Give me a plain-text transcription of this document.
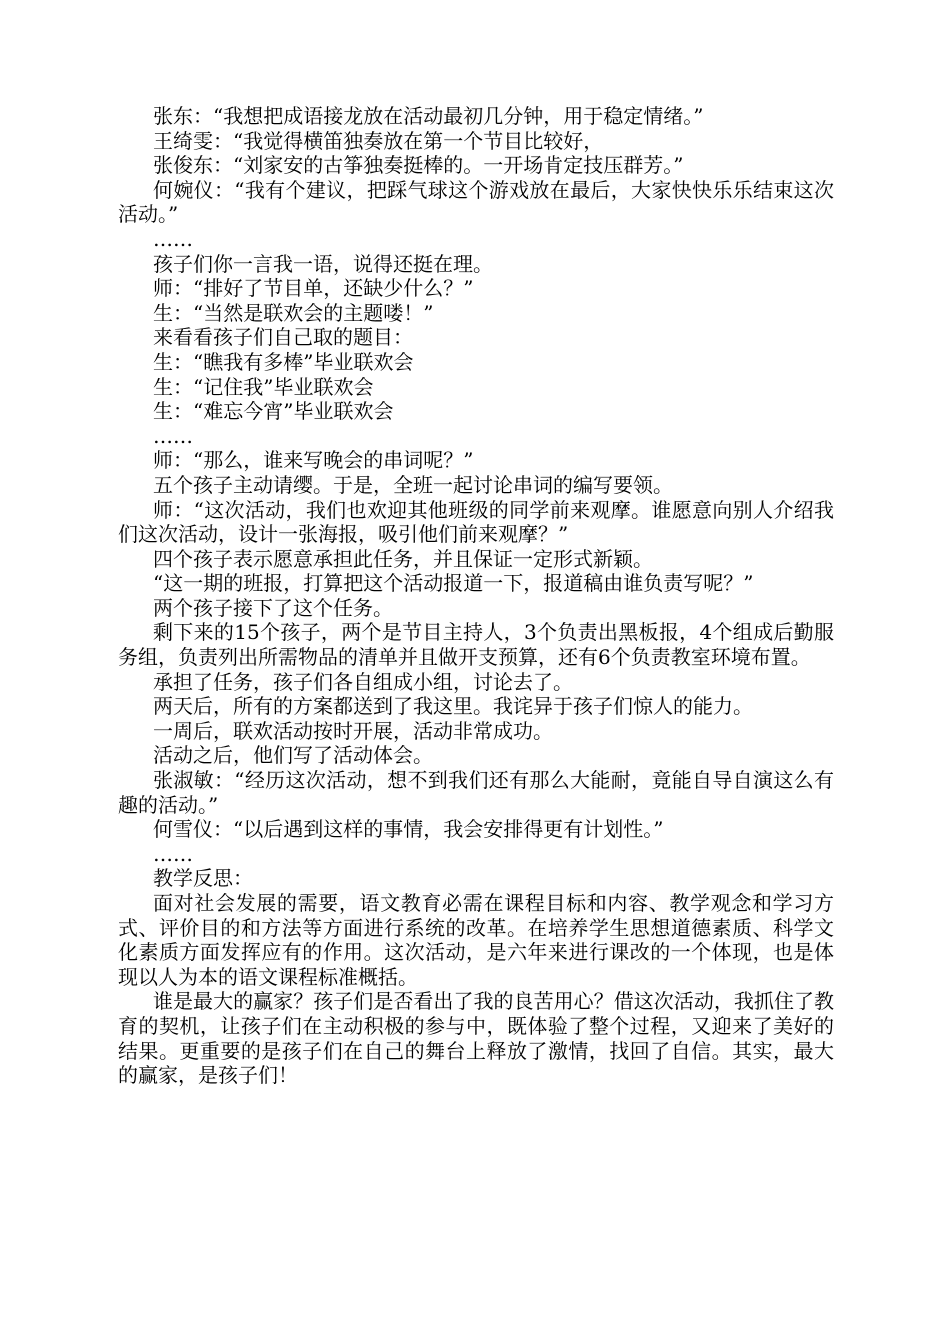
张东：“我想把成语接龙放在活动最初几分钟，用于稳定情绪。”

王绮雯：“我觉得横笛独奏放在第一个节目比较好，

张俊东：“刘家安的古筝独奏挺棒的。一开场肯定技压群芳。”

何婉仪：“我有个建议，把踩气球这个游戏放在最后，大家快快乐乐结束这次活动。”

……

孩子们你一言我一语，说得还挺在理。

师：“排好了节目单，还缺少什么？”

生：“当然是联欢会的主题喽！”

来看看孩子们自己取的题目：

生：“瞧我有多棒”毕业联欢会

生：“记住我”毕业联欢会

生：“难忘今宵”毕业联欢会

……

师：“那么，谁来写晚会的串词呢？”

五个孩子主动请缨。于是，全班一起讨论串词的编写要领。

师：“这次活动，我们也欢迎其他班级的同学前来观摩。谁愿意向别人介绍我们这次活动，设计一张海报，吸引他们前来观摩？”

四个孩子表示愿意承担此任务，并且保证一定形式新颖。

“这一期的班报，打算把这个活动报道一下，报道稿由谁负责写呢？”

两个孩子接下了这个任务。

剩下来的15个孩子，两个是节目主持人，3个负责出黑板报，4个组成后勤服务组，负责列出所需物品的清单并且做开支预算，还有6个负责教室环境布置。

承担了任务，孩子们各自组成小组，讨论去了。

两天后，所有的方案都送到了我这里。我诧异于孩子们惊人的能力。

一周后，联欢活动按时开展，活动非常成功。

活动之后，他们写了活动体会。

张淑敏：“经历这次活动，想不到我们还有那么大能耐，竟能自导自演这么有趣的活动。”

何雪仪：“以后遇到这样的事情，我会安排得更有计划性。”

……

教学反思：

面对社会发展的需要，语文教育必需在课程目标和内容、教学观念和学习方式、评价目的和方法等方面进行系统的改革。在培养学生思想道德素质、科学文化素质方面发挥应有的作用。这次活动，是六年来进行课改的一个体现，也是体现以人为本的语文课程标准概括。

谁是最大的赢家？孩子们是否看出了我的良苦用心？借这次活动，我抓住了教育的契机，让孩子们在主动积极的参与中，既体验了整个过程，又迎来了美好的结果。更重要的是孩子们在自己的舞台上释放了激情，找回了自信。其实，最大的赢家，是孩子们！
